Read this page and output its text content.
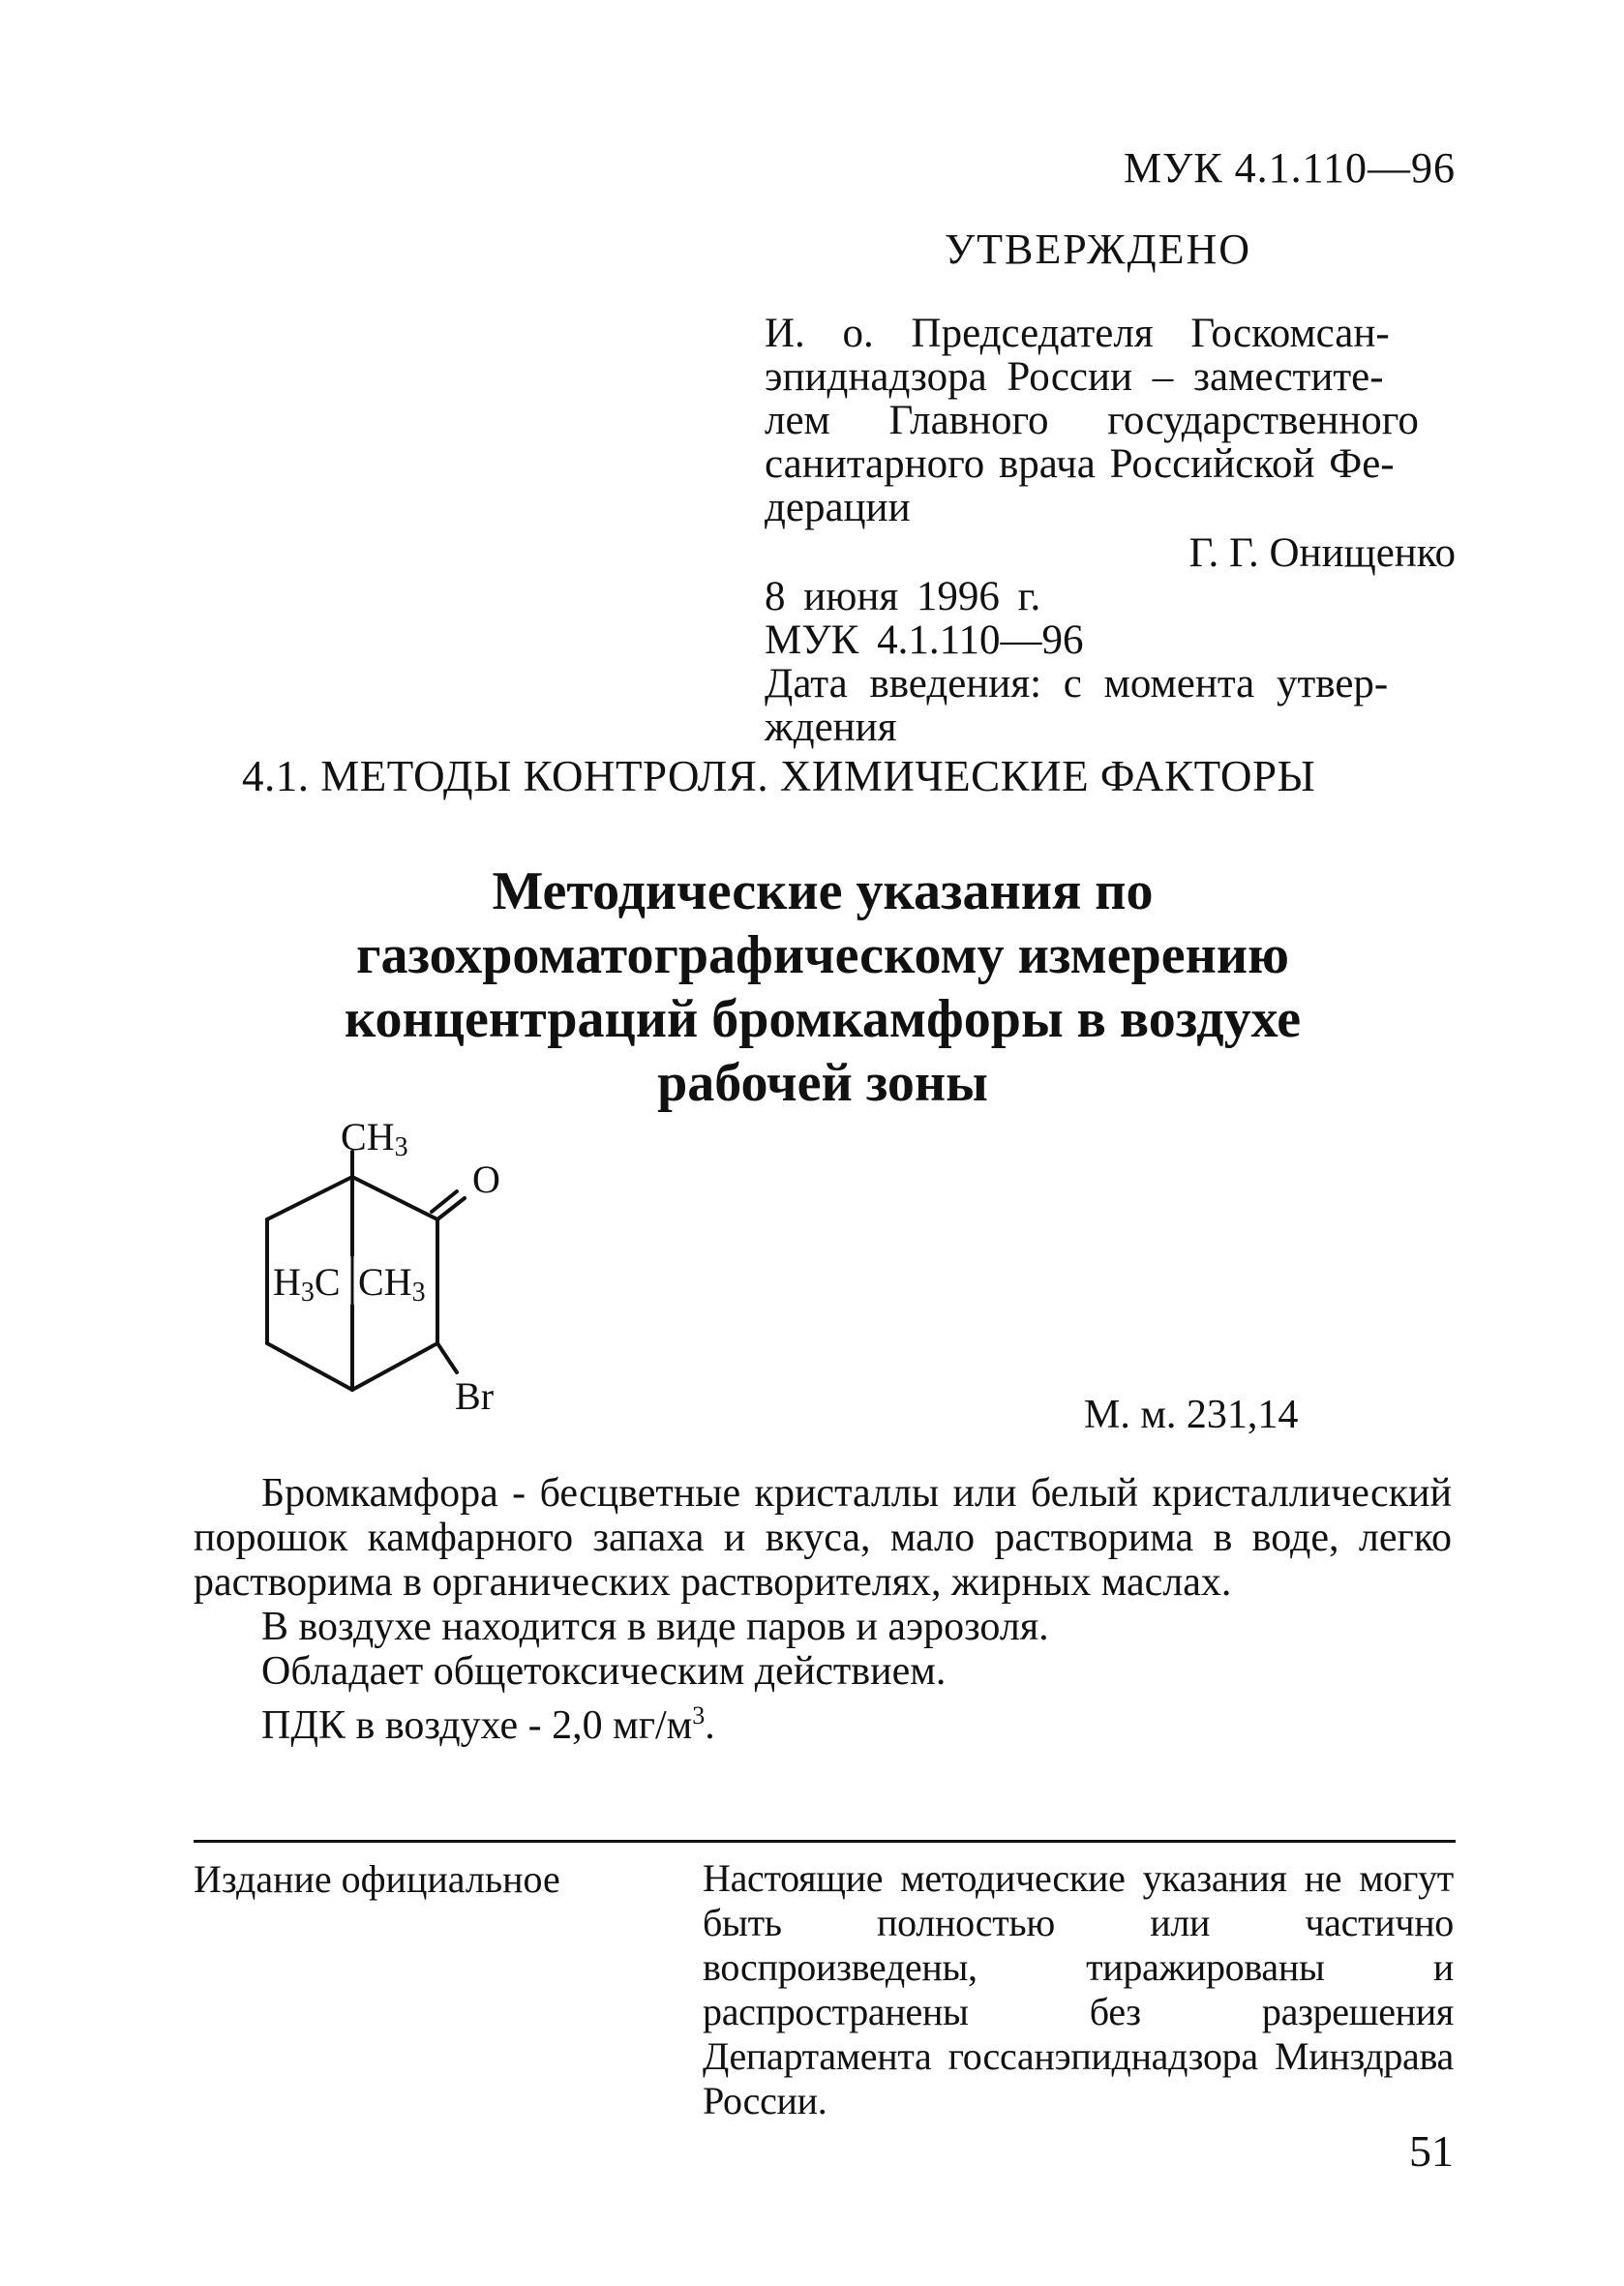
МУК 4.1.110—96
УТВЕРЖДЕНО
И. о. Председателя Госкомсан-
эпиднадзора России – заместите-
лем Главного государственного
санитарного врача Российской Фе-
дерации
Г. Г. Онищенко
8 июня 1996 г.
МУК 4.1.110—96
Дата введения: с момента утвер-
ждения
4.1. МЕТОДЫ КОНТРОЛЯ. ХИМИЧЕСКИЕ ФАКТОРЫ
Методические указания по
газохроматографическому измерению
концентраций бромкамфоры в воздухе
рабочей зоны
CH3
H3C CH3
O
Br	М. м. 231,14

Бромкамфора - бесцветные кристаллы или белый кристаллический порошок камфарного запаха и вкуса, мало растворима в воде, легко растворима в органических растворителях, жирных маслах.

В воздухе находится в виде паров и аэрозоля.

Обладает общетоксическим действием.

ПДК в воздухе - 2,0 $мг/м^3$.

Издание официальное	Настоящие методические указания не могут быть полностью или частично воспроизведены, тиражированы и распространены без разрешения Департамента госсанэпиднадзора Минздрава России.
51
